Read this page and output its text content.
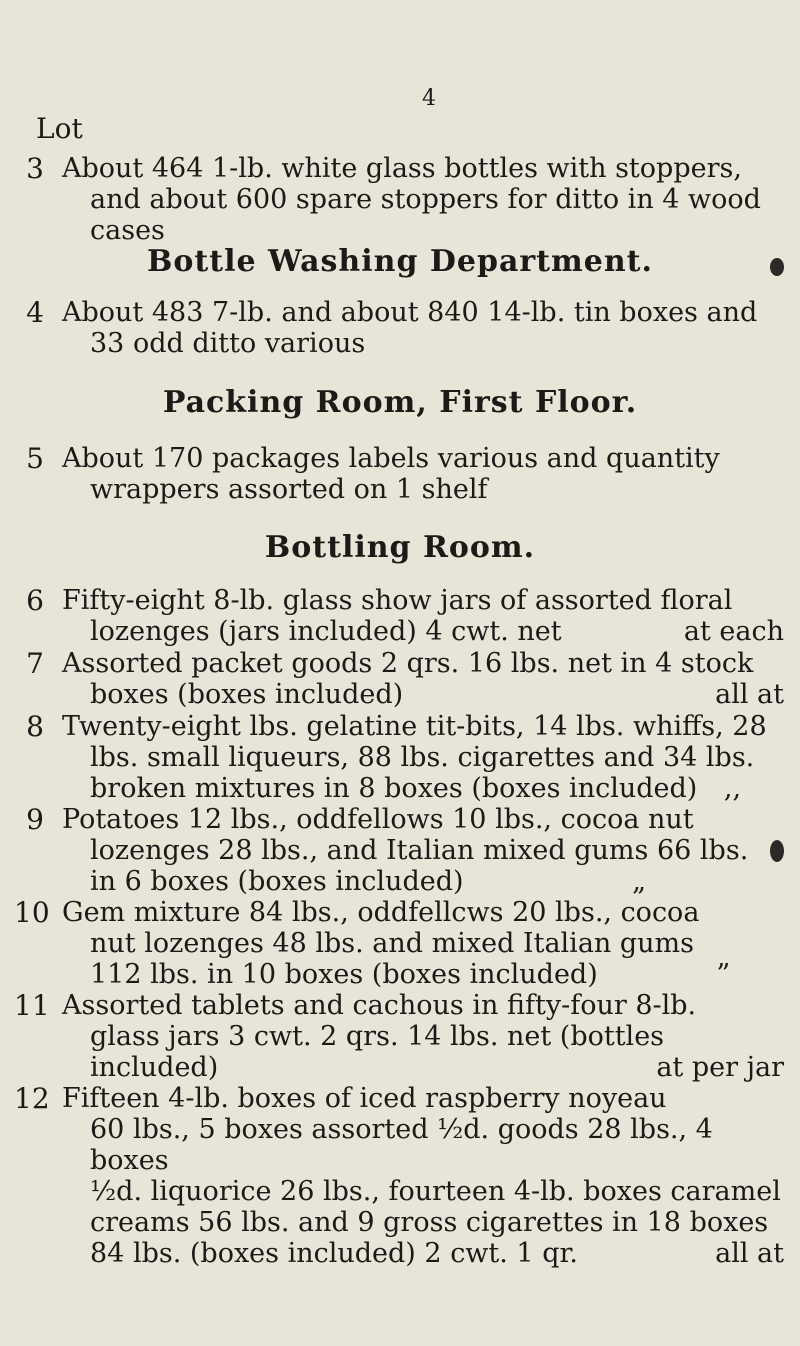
4
Lot
3 About 464 1-lb. white glass bottles with stoppers,
and about 600 spare stoppers for ditto in 4 wood
cases
Bottle Washing Department.
4 About 483 7-lb. and about 840 14-lb. tin boxes and
33 odd ditto various
Packing Room, First Floor.
5 About 170 packages labels various and quantity
wrappers assorted on 1 shelf
Bottling Room.
6 Fifty-eight 8-lb. glass show jars of assorted floral
lozenges (jars included) 4 cwt. net	at each
7 Assorted packet goods 2 qrs. 16 lbs. net in 4 stock
boxes (boxes included)	all at
8 Twenty-eight lbs. gelatine tit-bits, 14 lbs. whiffs, 28
lbs. small liqueurs, 88 lbs. cigarettes and 34 lbs.
broken mixtures in 8 boxes (boxes included) ,,
9 Potatoes 12 lbs., oddfellows 10 lbs., cocoa nut
lozenges 28 lbs., and Italian mixed gums 66 lbs.
in 6 boxes (boxes included)	„
10 Gem mixture 84 lbs., oddfellcws 20 lbs., cocoa
nut lozenges 48 lbs. and mixed Italian gums
112 lbs. in 10 boxes (boxes included)	”
11 Assorted tablets and cachous in fifty-four 8-lb.
glass jars 3 cwt. 2 qrs. 14 lbs. net (bottles
included)	at per jar
12 Fifteen 4-lb. boxes of iced raspberry noyeau
60 lbs., 5 boxes assorted ½d. goods 28 lbs., 4 boxes
½d. liquorice 26 lbs., fourteen 4-lb. boxes caramel
creams 56 lbs. and 9 gross cigarettes in 18 boxes
84 lbs. (boxes included) 2 cwt. 1 qr.	all at
